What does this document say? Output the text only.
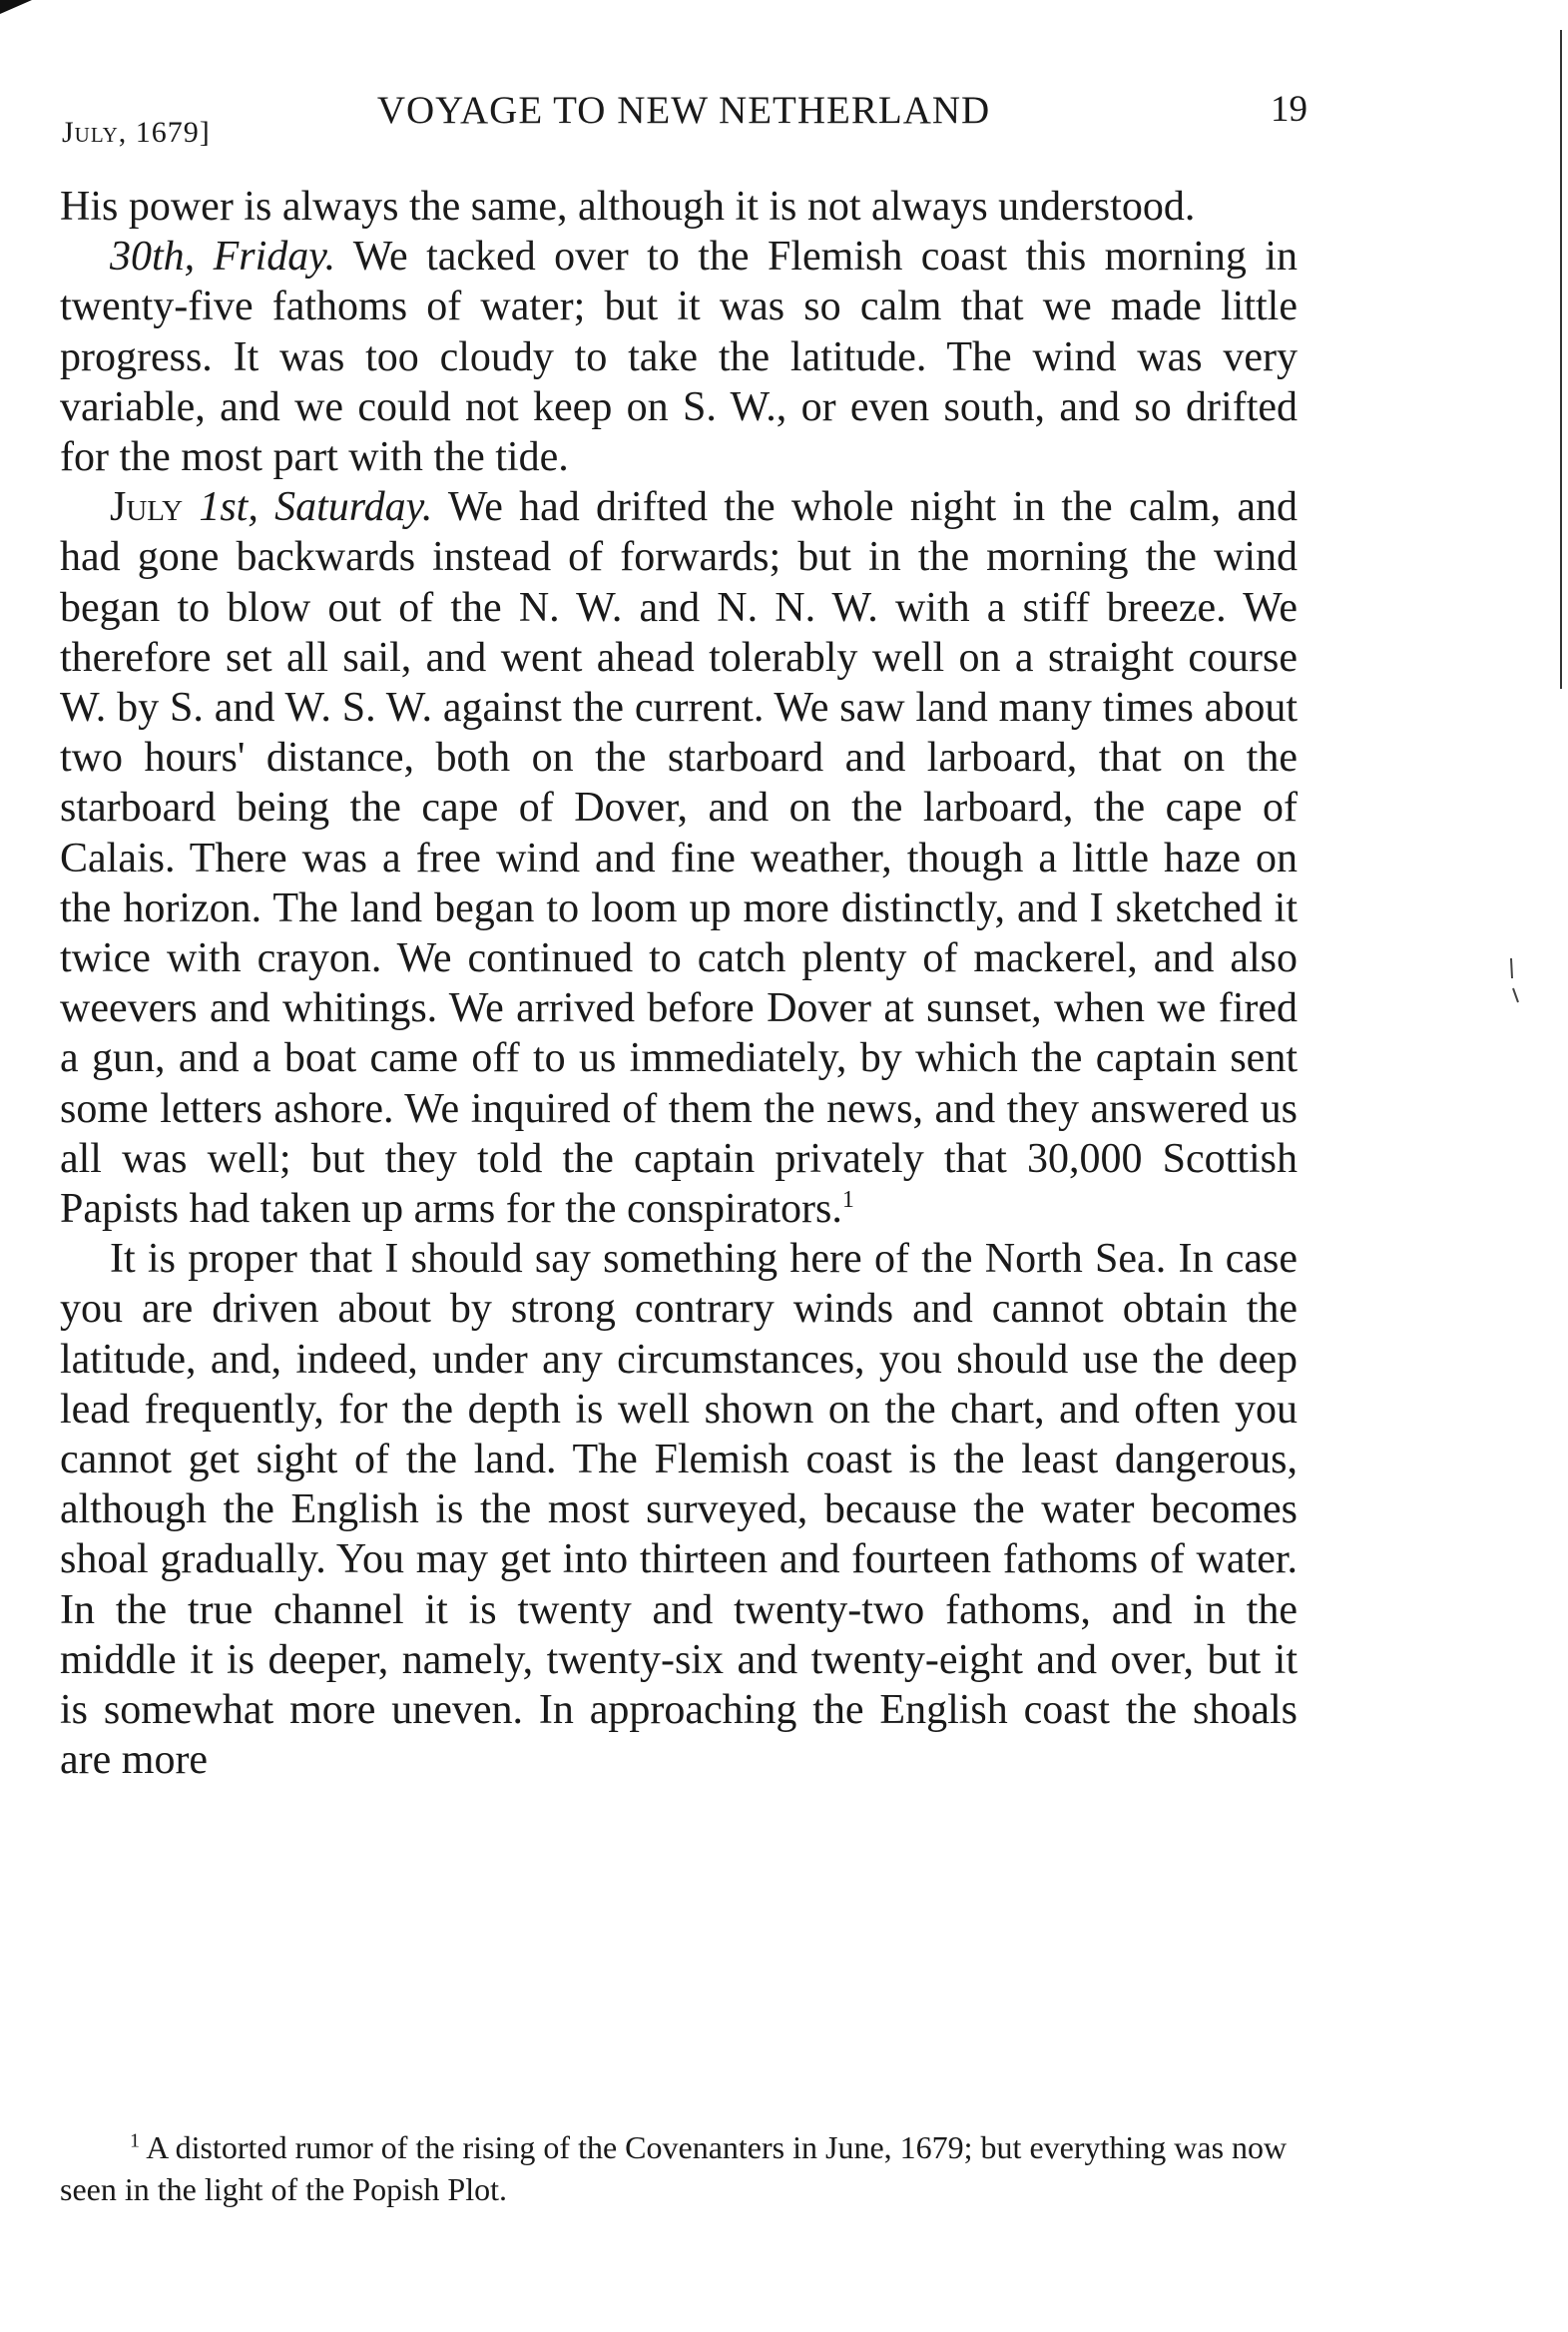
July, 1679]
VOYAGE TO NEW NETHERLAND	19

His power is always the same, although it is not always understood.

30th, Friday. We tacked over to the Flemish coast this morning in twenty-five fathoms of water; but it was so calm that we made little progress. It was too cloudy to take the latitude. The wind was very variable, and we could not keep on S. W., or even south, and so drifted for the most part with the tide.

July 1st, Saturday. We had drifted the whole night in the calm, and had gone backwards instead of forwards; but in the morning the wind began to blow out of the N. W. and N. N. W. with a stiff breeze. We therefore set all sail, and went ahead tolerably well on a straight course W. by S. and W. S. W. against the current. We saw land many times about two hours' distance, both on the starboard and larboard, that on the starboard being the cape of Dover, and on the larboard, the cape of Calais. There was a free wind and fine weather, though a little haze on the horizon. The land began to loom up more distinctly, and I sketched it twice with crayon. We continued to catch plenty of mackerel, and also weevers and whitings. We arrived before Dover at sunset, when we fired a gun, and a boat came off to us immediately, by which the captain sent some letters ashore. We inquired of them the news, and they answered us all was well; but they told the captain privately that 30,000 Scottish Papists had taken up arms for the conspirators.$^1$

It is proper that I should say something here of the North Sea. In case you are driven about by strong contrary winds and cannot obtain the latitude, and, indeed, under any circumstances, you should use the deep lead frequently, for the depth is well shown on the chart, and often you cannot get sight of the land. The Flemish coast is the least dangerous, although the English is the most surveyed, because the water becomes shoal gradually. You may get into thirteen and fourteen fathoms of water. In the true channel it is twenty and twenty-two fathoms, and in the middle it is deeper, namely, twenty-six and twenty-eight and over, but it is somewhat more uneven. In approaching the English coast the shoals are more

$^1$ A distorted rumor of the rising of the Covenanters in June, 1679; but everything was now seen in the light of the Popish Plot.
